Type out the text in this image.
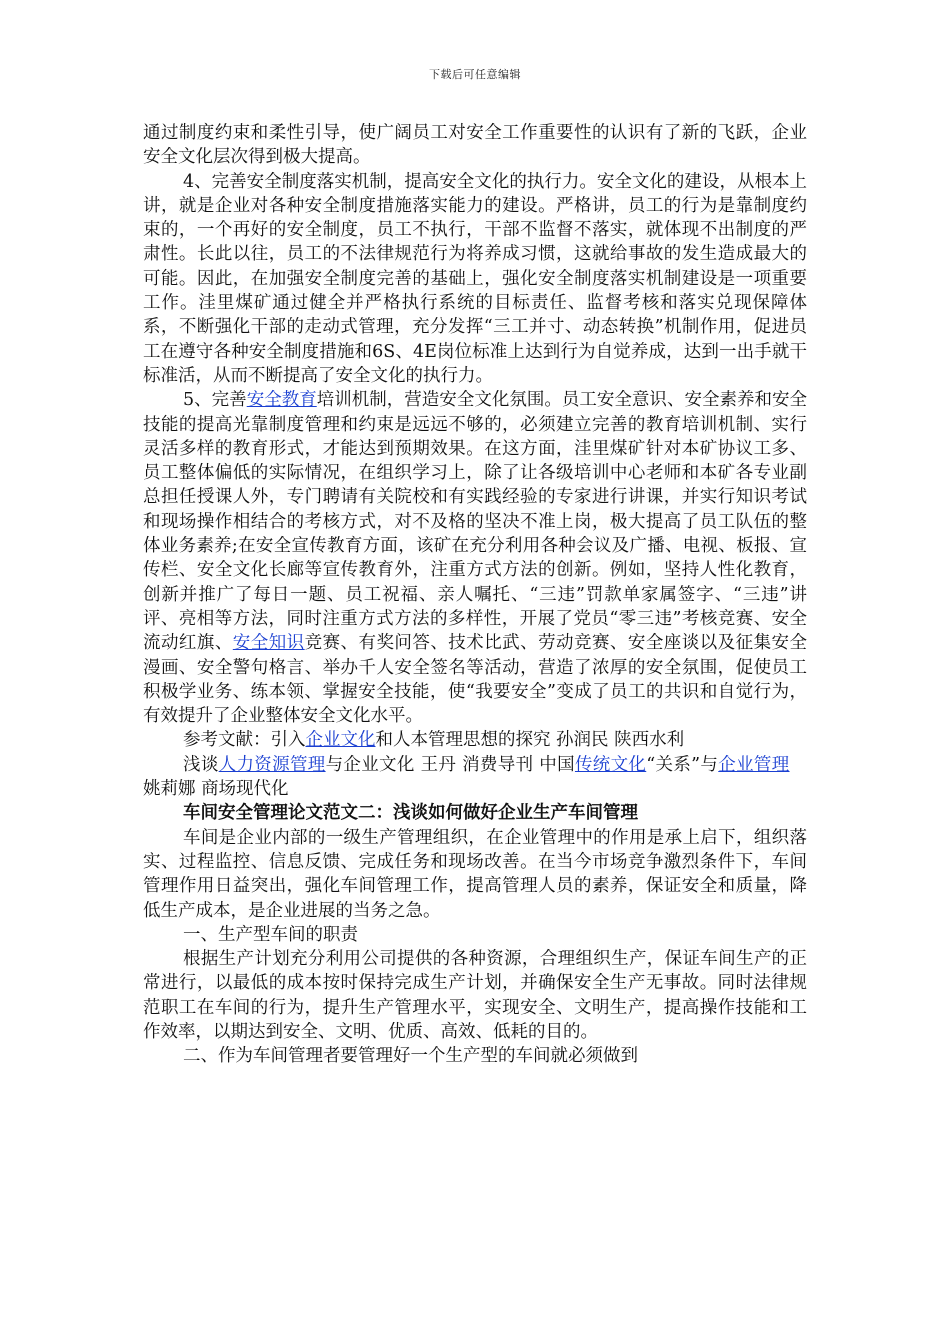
下载后可任意编辑

通过制度约束和柔性引导，使广阔员工对安全工作重要性的认识有了新的飞跃，企业安全文化层次得到极大提高。

4、完善安全制度落实机制，提高安全文化的执行力。安全文化的建设，从根本上讲，就是企业对各种安全制度措施落实能力的建设。严格讲，员工的行为是靠制度约束的，一个再好的安全制度，员工不执行，干部不监督不落实，就体现不出制度的严肃性。长此以往，员工的不法律规范行为将养成习惯，这就给事故的发生造成最大的可能。因此，在加强安全制度完善的基础上，强化安全制度落实机制建设是一项重要工作。洼里煤矿通过健全并严格执行系统的目标责任、监督考核和落实兑现保障体系，不断强化干部的走动式管理，充分发挥“三工并寸、动态转换”机制作用，促进员工在遵守各种安全制度措施和6S、4E岗位标准上达到行为自觉养成，达到一出手就干标准活，从而不断提高了安全文化的执行力。

5、完善安全教育培训机制，营造安全文化氛围。员工安全意识、安全素养和安全技能的提高光靠制度管理和约束是远远不够的，必须建立完善的教育培训机制、实行灵活多样的教育形式，才能达到预期效果。在这方面，洼里煤矿针对本矿协议工多、员工整体偏低的实际情况，在组织学习上，除了让各级培训中心老师和本矿各专业副总担任授课人外，专门聘请有关院校和有实践经验的专家进行讲课，并实行知识考试和现场操作相结合的考核方式，对不及格的坚决不准上岗，极大提高了员工队伍的整体业务素养;在安全宣传教育方面，该矿在充分利用各种会议及广播、电视、板报、宣传栏、安全文化长廊等宣传教育外，注重方式方法的创新。例如，坚持人性化教育，创新并推广了每日一题、员工祝福、亲人嘱托、“三违”罚款单家属签字、“三违”讲评、亮相等方法，同时注重方式方法的多样性，开展了党员“零三违”考核竞赛、安全流动红旗、安全知识竞赛、有奖问答、技术比武、劳动竞赛、安全座谈以及征集安全漫画、安全警句格言、举办千人安全签名等活动，营造了浓厚的安全氛围，促使员工积极学业务、练本领、掌握安全技能，使“我要安全”变成了员工的共识和自觉行为，有效提升了企业整体安全文化水平。

参考文献：引入企业文化和人本管理思想的探究 孙润民 陕西水利

浅谈人力资源管理与企业文化 王丹 消费导刊 中国传统文化“关系”与企业管理　姚莉娜 商场现代化

车间安全管理论文范文二：浅谈如何做好企业生产车间管理

车间是企业内部的一级生产管理组织，在企业管理中的作用是承上启下，组织落实、过程监控、信息反馈、完成任务和现场改善。在当今市场竞争激烈条件下，车间管理作用日益突出，强化车间管理工作，提高管理人员的素养，保证安全和质量，降低生产成本，是企业进展的当务之急。

一、生产型车间的职责

根据生产计划充分利用公司提供的各种资源，合理组织生产，保证车间生产的正常进行，以最低的成本按时保持完成生产计划，并确保安全生产无事故。同时法律规范职工在车间的行为，提升生产管理水平，实现安全、文明生产，提高操作技能和工作效率，以期达到安全、文明、优质、高效、低耗的目的。

二、作为车间管理者要管理好一个生产型的车间就必须做到
